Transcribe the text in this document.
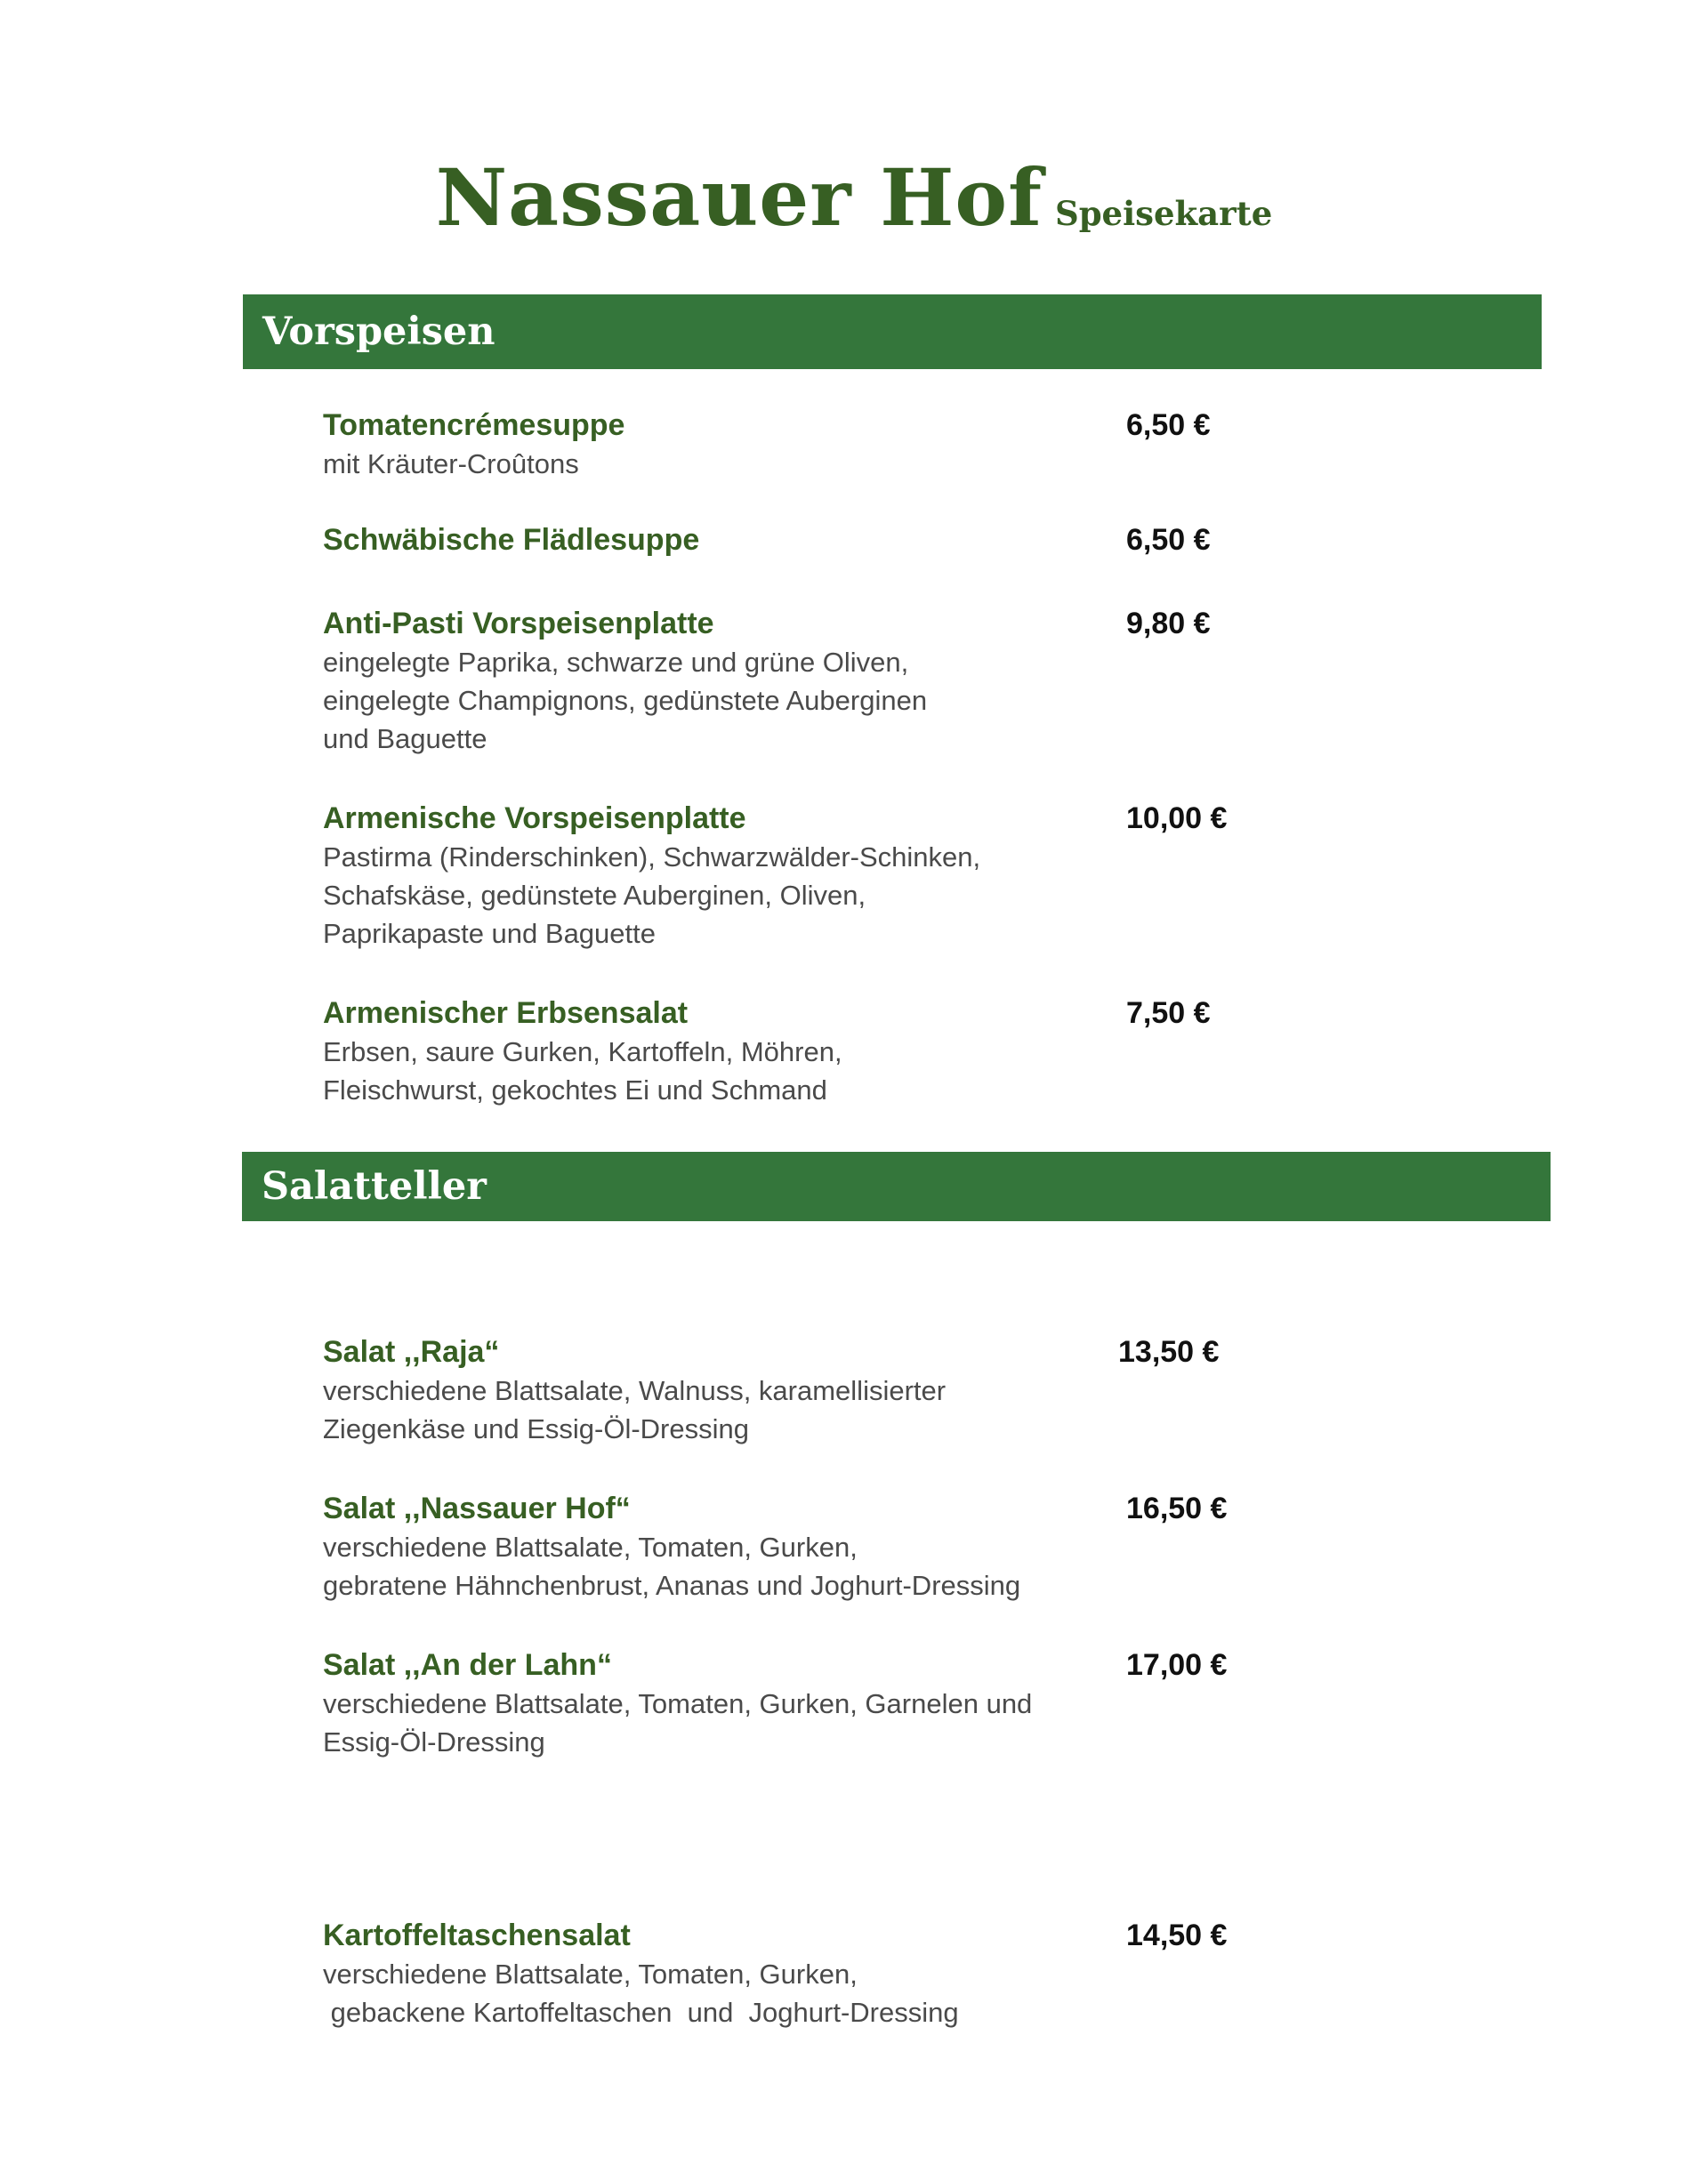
Nassauer Hof Speisekarte
Vorspeisen
Tomatencrémesuppe
mit Kräuter-Croûtons
6,50 €
Schwäbische Flädlesuppe	6,50 €
Anti-Pasti Vorspeisenplatte
eingelegte Paprika, schwarze und grüne Oliven,
eingelegte Champignons, gedünstete Auberginen
und Baguette
9,80 €
Armenische Vorspeisenplatte
Pastirma (Rinderschinken), Schwarzwälder-Schinken,
Schafskäse, gedünstete Auberginen, Oliven,
Paprikapaste und Baguette
10,00 €
Armenischer Erbsensalat
Erbsen, saure Gurken, Kartoffeln, Möhren,
Fleischwurst, gekochtes Ei und Schmand
7,50 €
Salatteller
Salat ,,Raja“
verschiedene Blattsalate, Walnuss, karamellisierter
Ziegenkäse und Essig-Öl-Dressing
13,50 €
Salat ,,Nassauer Hof“
verschiedene Blattsalate, Tomaten, Gurken,
gebratene Hähnchenbrust, Ananas und Joghurt-Dressing
16,50 €
Salat ,,An der Lahn“
verschiedene Blattsalate, Tomaten, Gurken, Garnelen und
Essig-Öl-Dressing
17,00 €
Kartoffeltaschensalat
verschiedene Blattsalate, Tomaten, Gurken,
gebackene Kartoffeltaschen  und  Joghurt-Dressing
14,50 €
